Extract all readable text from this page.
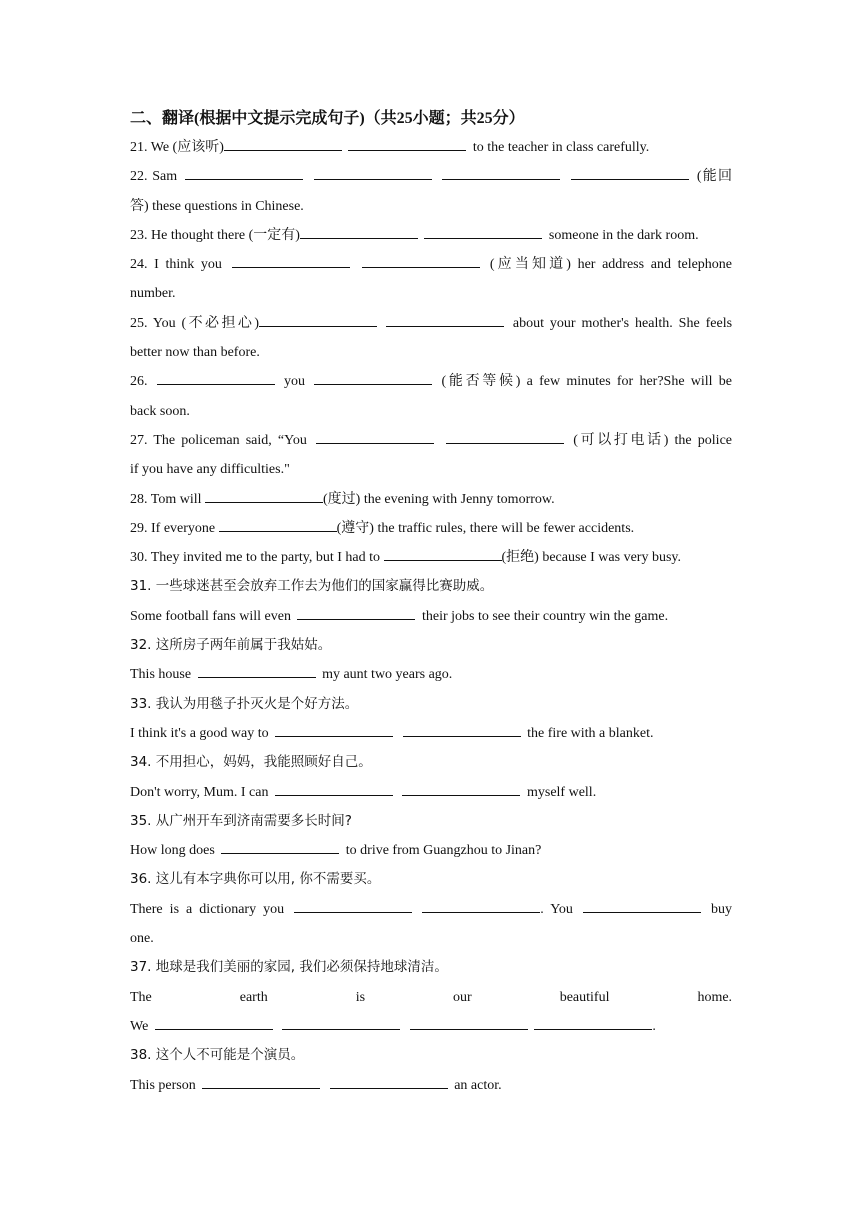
二、翻译(根据中文提示完成句子)（共25小题；共25分）
21. We (应该听)	to the teacher in class carefully.
22. Sam	(能回
答) these questions in Chinese.
23. He thought there (一定有)	someone in the dark room.
24. I think you	(应当知道) her address and telephone
number.
25. You (不必担心)	about your mother's health. She feels
better now than before.
26.	you	(能否等候) a few minutes for her?She will be
back soon.
27. The policeman said, “You	(可以打电话) the police
if you have any difficulties."
28. Tom will	(度过) the evening with Jenny tomorrow.
29. If everyone	(遵守) the traffic rules, there will be fewer accidents.
30. They invited me to the party, but I had to	(拒绝) because I was very busy.
31. 一些球迷甚至会放弃工作去为他们的国家赢得比赛助威。
Some football fans will even	their jobs to see their country win the game.
32. 这所房子两年前属于我姑姑。
This house	my aunt two years ago.
33. 我认为用毯子扑灭火是个好方法。
I think it's a good way to	the fire with a blanket.
34. 不用担心，妈妈，我能照顾好自己。
Don't worry, Mum. I can	myself well.
35. 从广州开车到济南需要多长时间?
How long does	to drive from Guangzhou to Jinan?
36. 这儿有本字典你可以用, 你不需要买。
There is a dictionary you	. You	buy
one.
37. 地球是我们美丽的家园, 我们必须保持地球清洁。
The	earth	is	our	beautiful	home.
We	.
38. 这个人不可能是个演员。
This person	an actor.
